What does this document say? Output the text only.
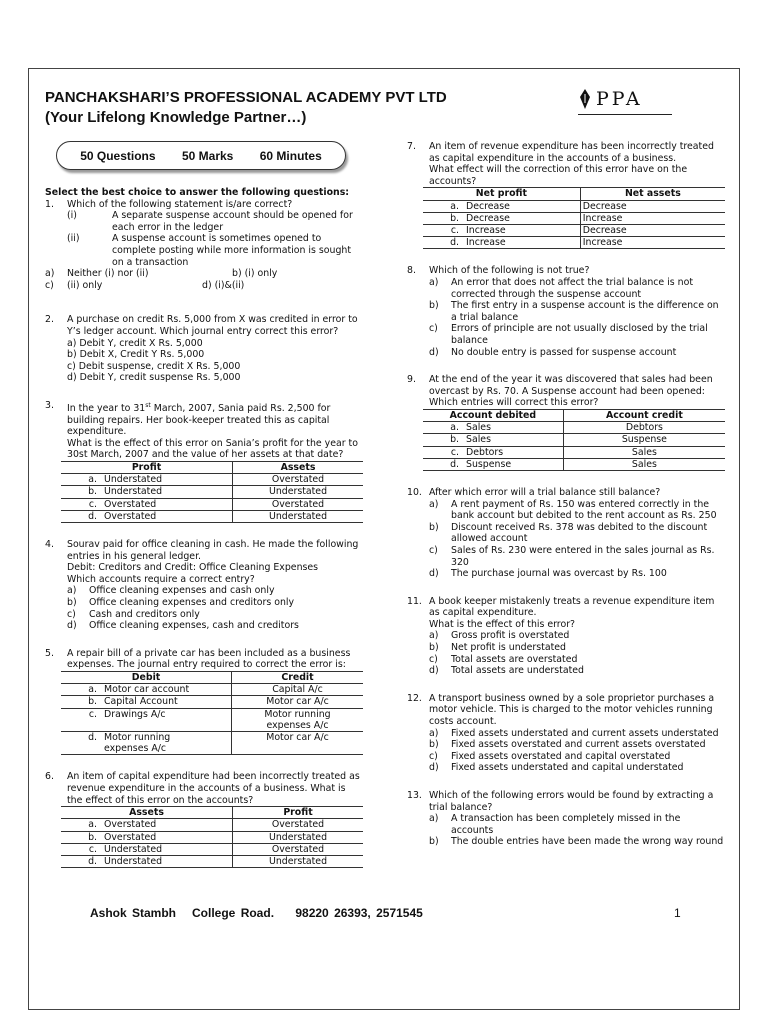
PANCHAKSHARI’S PROFESSIONAL ACADEMY PVT LTD
(Your Lifelong Knowledge Partner…)
PPA
50 Questions 50 Marks 60 Minutes
Select the best choice to answer the following questions:
1. Which of the following statement is/are correct?
(i)	A separate suspense account should be opened for each error in the ledger
(ii)	A suspense account is sometimes opened to complete posting while more information is sought on a transaction
a) Neither (i) nor (ii)	b) (i) only
c) (ii) only	d) (i)&(ii)
2. A purchase on credit Rs. 5,000 from X was credited in error to Y’s ledger account. Which journal entry correct this error?
a) Debit Y, credit X Rs. 5,000
b) Debit X, Credit Y Rs. 5,000
c) Debit suspense, credit X Rs. 5,000
d) Debit Y, credit suspense Rs. 5,000
3. In the year to 31st March, 2007, Sania paid Rs. 2,500 for building repairs. Her book-keeper treated this as capital expenditure.
What is the effect of this error on Sania’s profit for the year to 30st March, 2007 and the value of her assets at that date?
Profit		Assets
a.	Understated	Overstated
b.	Understated	Understated
c.	Overstated	Overstated
d.	Overstated	Understated
4. Sourav paid for office cleaning in cash. He made the following entries in his general ledger.
Debit: Creditors and Credit: Office Cleaning Expenses
Which accounts require a correct entry?
a) Office cleaning expenses and cash only
b) Office cleaning expenses and creditors only
c) Cash and creditors only
d) Office cleaning expenses, cash and creditors
5. A repair bill of a private car has been included as a business expenses. The journal entry required to correct the error is:
Debit		Credit
a.	Motor car account	Capital A/c
b.	Capital Account	Motor car A/c
c.	Drawings A/c	Motor running expenses A/c
d.	Motor running expenses A/c	Motor car A/c
6. An item of capital expenditure had been incorrectly treated as revenue expenditure in the accounts of a business. What is the effect of this error on the accounts?
Assets		Profit
a.	Overstated	Overstated
b.	Overstated	Understated
c.	Understated	Overstated
d.	Understated	Understated
7. An item of revenue expenditure has been incorrectly treated as capital expenditure in the accounts of a business.
What effect will the correction of this error have on the accounts?
Net profit		Net assets
a.	Decrease	Decrease
b.	Decrease	Increase
c.	Increase	Decrease
d.	Increase	Increase
8. Which of the following is not true?
a) An error that does not affect the trial balance is not corrected through the suspense account
b) The first entry in a suspense account is the difference on a trial balance
c) Errors of principle are not usually disclosed by the trial balance
d) No double entry is passed for suspense account
9. At the end of the year it was discovered that sales had been overcast by Rs. 70. A Suspense account had been opened:
Which entries will correct this error?
Account debited		Account credit
a.	Sales	Debtors
b.	Sales	Suspense
c.	Debtors	Sales
d.	Suspense	Sales
10. After which error will a trial balance still balance?
a) A rent payment of Rs. 150 was entered correctly in the bank account but debited to the rent account as Rs. 250
b) Discount received Rs. 378 was debited to the discount allowed account
c) Sales of Rs. 230 were entered in the sales journal as Rs. 320
d) The purchase journal was overcast by Rs. 100
11. A book keeper mistakenly treats a revenue expenditure item as capital expenditure.
What is the effect of this error?
a) Gross profit is overstated
b) Net profit is understated
c) Total assets are overstated
d) Total assets are understated
12. A transport business owned by a sole proprietor purchases a motor vehicle. This is charged to the motor vehicles running costs account.
a) Fixed assets understated and current assets understated
b) Fixed assets overstated and current assets overstated
c) Fixed assets overstated and capital overstated
d) Fixed assets understated and capital understated
13. Which of the following errors would be found by extracting a trial balance?
a) A transaction has been completely missed in the accounts
b) The double entries have been made the wrong way round
Ashok Stambh   College Road.    98220 26393, 2571545	1
